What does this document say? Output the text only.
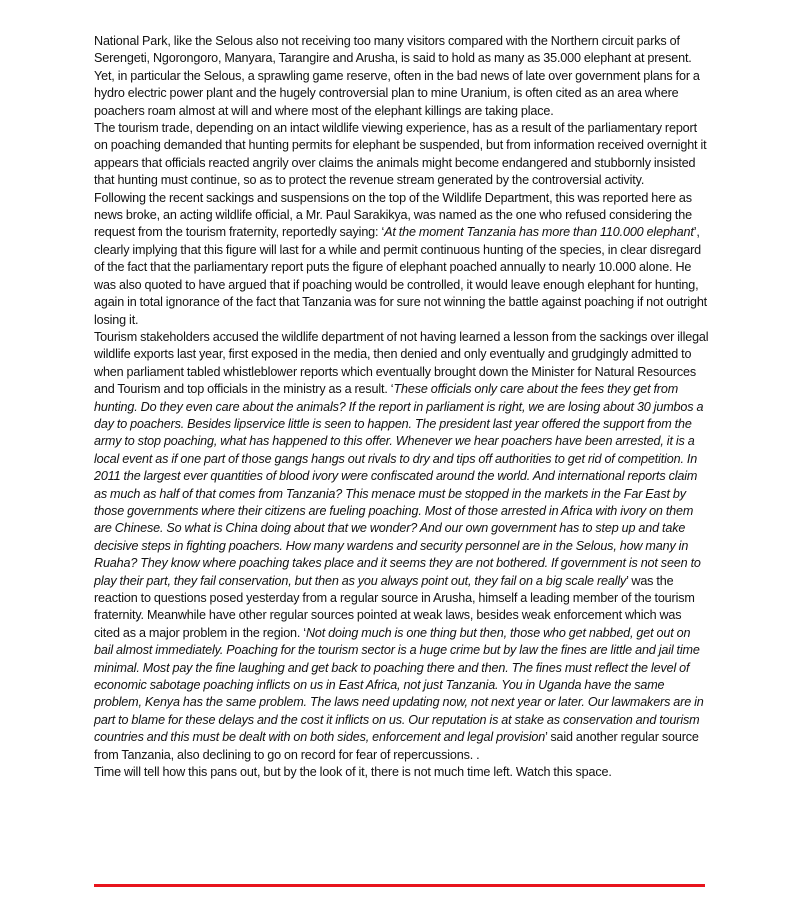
National Park, like the Selous also not receiving too many visitors compared with the Northern circuit parks of Serengeti, Ngorongoro, Manyara, Tarangire and Arusha, is said to hold as many as 35.000 elephant at present.

Yet, in particular the Selous, a sprawling game reserve, often in the bad news of late over government plans for a hydro electric power plant and the hugely controversial plan to mine Uranium, is often cited as an area where poachers roam almost at will and where most of the elephant killings are taking place.

The tourism trade, depending on an intact wildlife viewing experience, has as a result of the parliamentary report on poaching demanded that hunting permits for elephant be suspended, but from information received overnight it appears that officials reacted angrily over claims the animals might become endangered and stubbornly insisted that hunting must continue, so as to protect the revenue stream generated by the controversial activity.

Following the recent sackings and suspensions on the top of the Wildlife Department, this was reported here as news broke, an acting wildlife official, a Mr. Paul Sarakikya, was named as the one who refused considering the request from the tourism fraternity, reportedly saying: ‘At the moment Tanzania has more than 110.000 elephant’, clearly implying that this figure will last for a while and permit continuous hunting of the species, in clear disregard of the fact that the parliamentary report puts the figure of elephant poached annually to nearly 10.000 alone. He was also quoted to have argued that if poaching would be controlled, it would leave enough elephant for hunting, again in total ignorance of the fact that Tanzania was for sure not winning the battle against poaching if not outright losing it.

Tourism stakeholders accused the wildlife department of not having learned a lesson from the sackings over illegal wildlife exports last year, first exposed in the media, then denied and only eventually and grudgingly admitted to when parliament tabled whistleblower reports which eventually brought down the Minister for Natural Resources and Tourism and top officials in the ministry as a result. ‘These officials only care about the fees they get from hunting. Do they even care about the animals? If the report in parliament is right, we are losing about 30 jumbos a day to poachers. Besides lipservice little is seen to happen. The president last year offered the support from the army to stop poaching, what has happened to this offer. Whenever we hear poachers have been arrested, it is a local event as if one part of those gangs hangs out rivals to dry and tips off authorities to get rid of competition. In 2011 the largest ever quantities of blood ivory were confiscated around the world. And international reports claim as much as half of that comes from Tanzania? This menace must be stopped in the markets in the Far East by those governments where their citizens are fueling poaching. Most of those arrested in Africa with ivory on them are Chinese. So what is China doing about that we wonder? And our own government has to step up and take decisive steps in fighting poachers. How many wardens and security personnel are in the Selous, how many in Ruaha? They know where poaching takes place and it seems they are not bothered. If government is not seen to play their part, they fail conservation, but then as you always point out, they fail on a big scale really’ was the reaction to questions posed yesterday from a regular source in Arusha, himself a leading member of the tourism fraternity. Meanwhile have other regular sources pointed at weak laws, besides weak enforcement which was cited as a major problem in the region. ‘Not doing much is one thing but then, those who get nabbed, get out on bail almost immediately. Poaching for the tourism sector is a huge crime but by law the fines are little and jail time minimal. Most pay the fine laughing and get back to poaching there and then. The fines must reflect the level of economic sabotage poaching inflicts on us in East Africa, not just Tanzania. You in Uganda have the same problem, Kenya has the same problem. The laws need updating now, not next year or later. Our lawmakers are in part to blame for these delays and the cost it inflicts on us. Our reputation is at stake as conservation and tourism countries and this must be dealt with on both sides, enforcement and legal provision’ said another regular source from Tanzania, also declining to go on record for fear of repercussions. .

Time will tell how this pans out, but by the look of it, there is not much time left. Watch this space.
